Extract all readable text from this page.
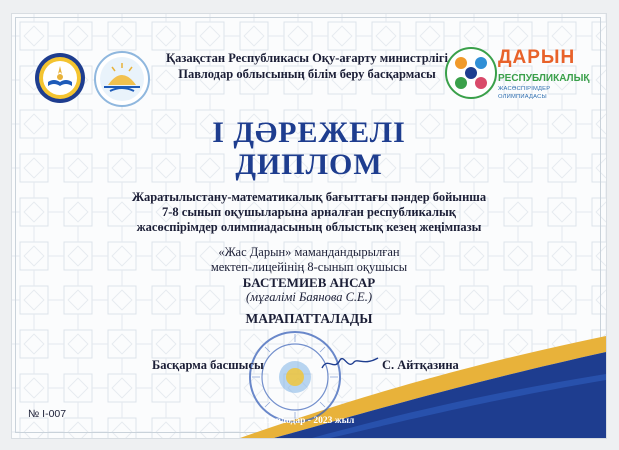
Қазақстан Республикасы Оқу-ағарту министрлігі
Павлодар облысының білім беру басқармасы
ДАРЫН
РЕСПУБЛИКАЛЫҚ
ЖАСӨСПІРІМДЕР ОЛИМПИАДАСЫ
I ДӘРЕЖЕЛІ
ДИПЛОМ
Жаратылыстану-математикалық бағыттағы пәндер бойынша
7-8 сынып оқушыларына арналған республикалық
жасөспірімдер олимпиадасының облыстық кезең жеңімпазы
«Жас Дарын» мамандандырылған
мектеп-лицейінің 8-сынып оқушысы
БАСТЕМИЕВ АНСАР
(мұғалімі Баянова С.Е.)
МАРАПАТТАЛАДЫ
Басқарма басшысы	С. Айтқазина
№ І-007
Павлодар - 2023 жыл
